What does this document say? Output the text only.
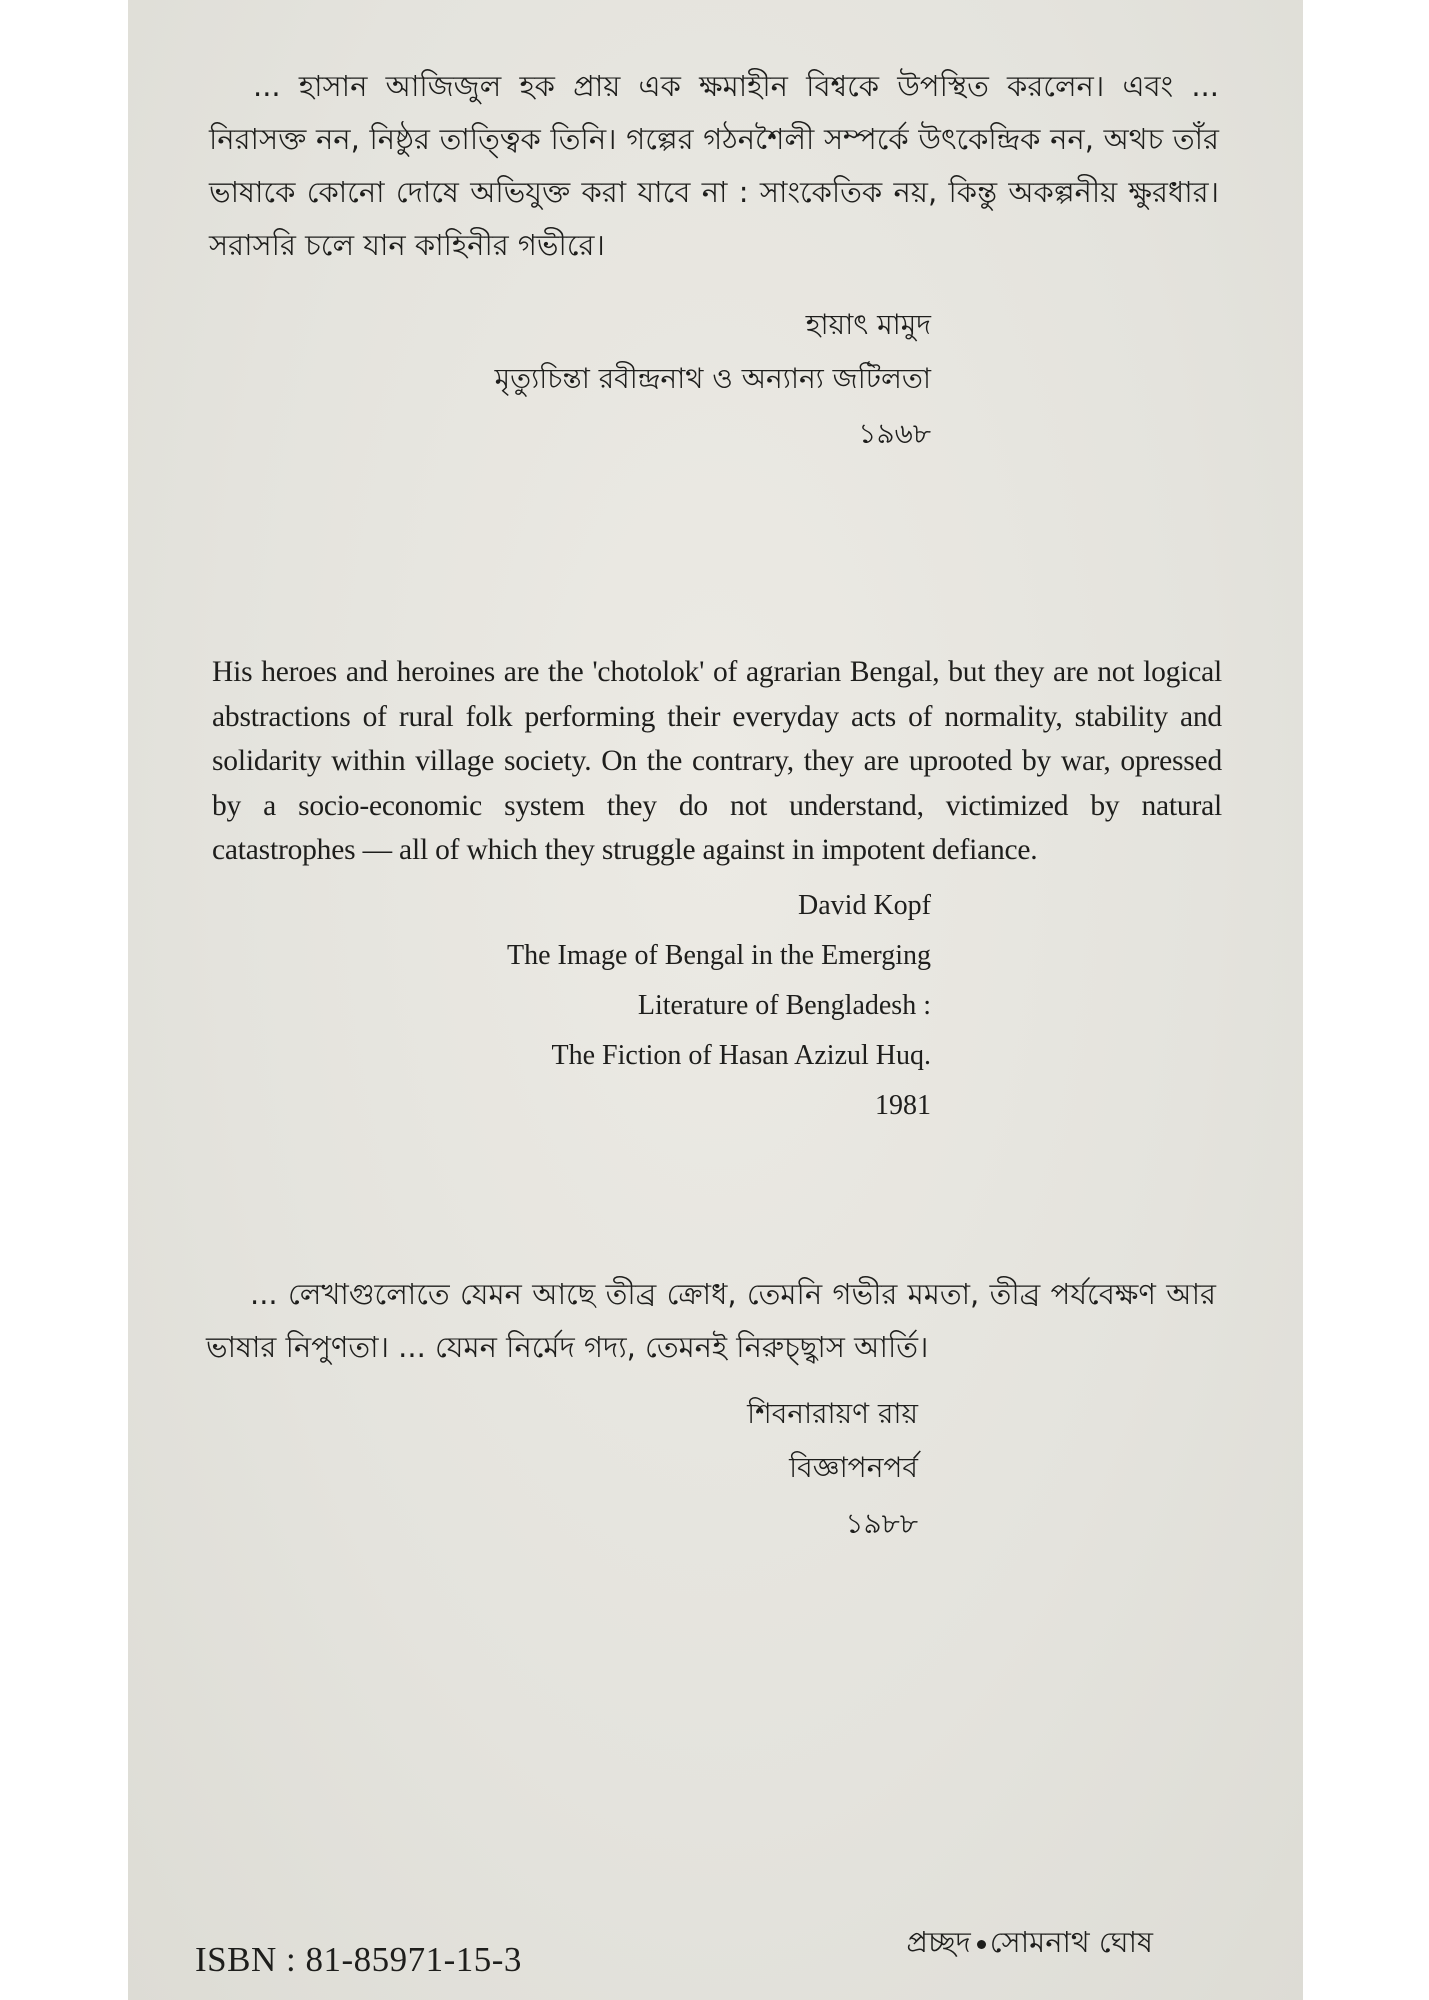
... হাসান আজিজুল হক প্রায় এক ক্ষমাহীন বিশ্বকে উপস্থিত করলেন। এবং ... নিরাসক্ত নন, নিষ্ঠুর তাত্ত্বিক তিনি। গল্পের গঠনশৈলী সম্পর্কে উৎকেন্দ্রিক নন, অথচ তাঁর ভাষাকে কোনো দোষে অভিযুক্ত করা যাবে না : সাংকেতিক নয়, কিন্তু অকল্পনীয় ক্ষুরধার। সরাসরি চলে যান কাহিনীর গভীরে।

হায়াৎ মামুদ
মৃত্যুচিন্তা রবীন্দ্রনাথ ও অন্যান্য জটিলতা
১৯৬৮

His heroes and heroines are the 'chotolok' of agrarian Bengal, but they are not logical abstractions of rural folk performing their everyday acts of normality, stability and solidarity within village society. On the contrary, they are uprooted by war, opressed by a socio-economic system they do not understand, victimized by natural catastrophes — all of which they struggle against in impotent defiance.

David Kopf
The Image of Bengal in the Emerging
Literature of Bengladesh :
The Fiction of Hasan Azizul Huq.
1981

... লেখাগুলোতে যেমন আছে তীব্র ক্রোধ, তেমনি গভীর মমতা, তীব্র পর্যবেক্ষণ আর ভাষার নিপুণতা। ... যেমন নির্মেদ গদ্য, তেমনই নিরুচ্ছ্বাস আর্তি।

শিবনারায়ণ রায়
বিজ্ঞাপনপর্ব
১৯৮৮
ISBN : 81-85971-15-3	প্রচ্ছদ সোমনাথ ঘোষ
